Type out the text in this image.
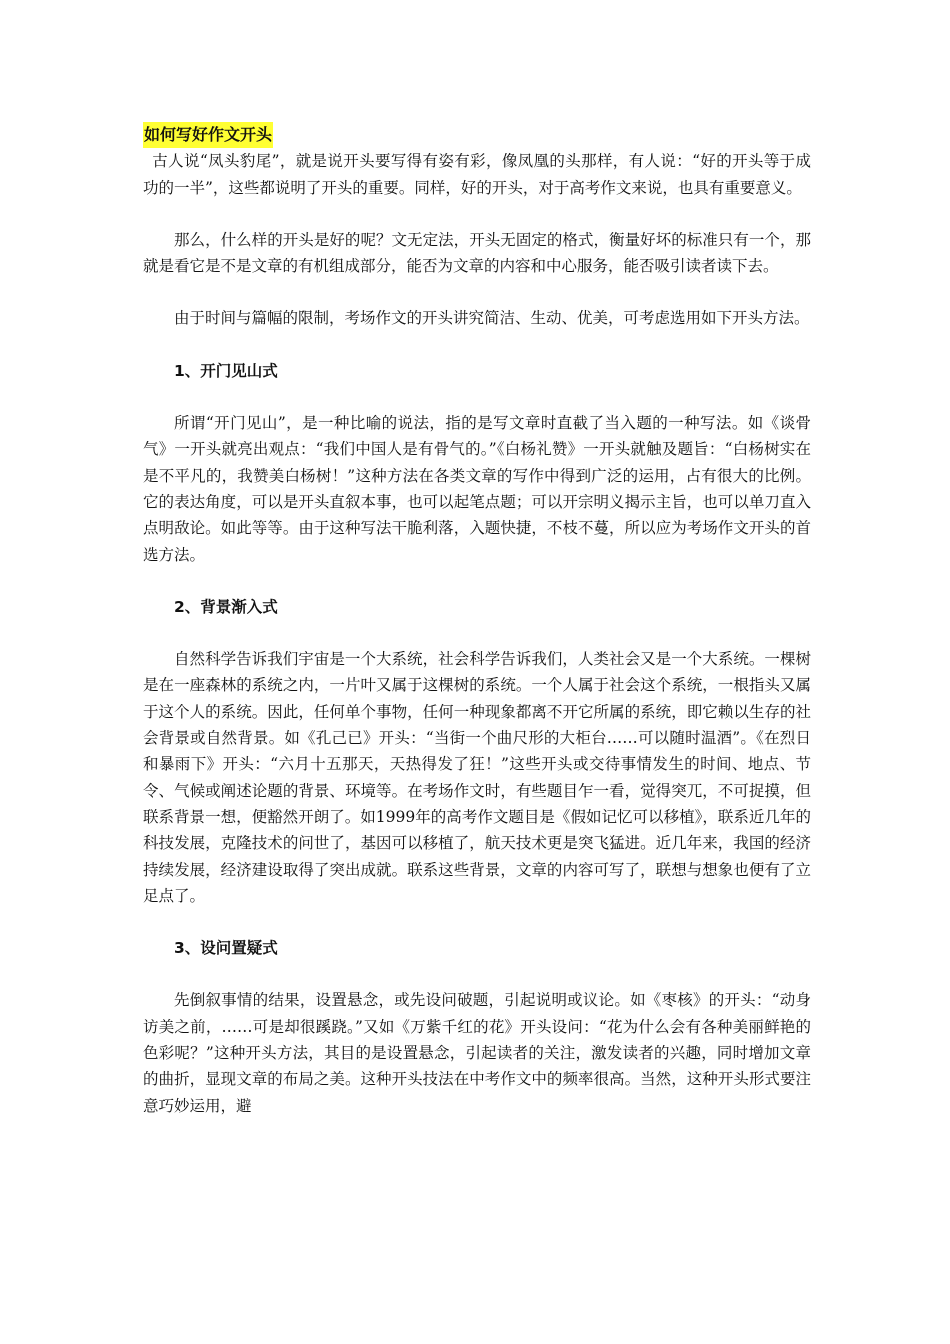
如何写好作文开头

古人说“凤头豹尾”，就是说开头要写得有姿有彩，像凤凰的头那样，有人说：“好的开头等于成功的一半”，这些都说明了开头的重要。同样，好的开头，对于高考作文来说，也具有重要意义。

那么，什么样的开头是好的呢？文无定法，开头无固定的格式，衡量好坏的标准只有一个，那就是看它是不是文章的有机组成部分，能否为文章的内容和中心服务，能否吸引读者读下去。

由于时间与篇幅的限制，考场作文的开头讲究简洁、生动、优美，可考虑选用如下开头方法。

1、开门见山式

所谓“开门见山”，是一种比喻的说法，指的是写文章时直截了当入题的一种写法。如《谈骨气》一开头就亮出观点：“我们中国人是有骨气的。”《白杨礼赞》一开头就触及题旨：“白杨树实在是不平凡的，我赞美白杨树！”这种方法在各类文章的写作中得到广泛的运用，占有很大的比例。它的表达角度，可以是开头直叙本事，也可以起笔点题；可以开宗明义揭示主旨，也可以单刀直入点明敌论。如此等等。由于这种写法干脆利落，入题快捷，不枝不蔓，所以应为考场作文开头的首选方法。

2、背景渐入式

自然科学告诉我们宇宙是一个大系统，社会科学告诉我们，人类社会又是一个大系统。一棵树是在一座森林的系统之内，一片叶又属于这棵树的系统。一个人属于社会这个系统，一根指头又属于这个人的系统。因此，任何单个事物，任何一种现象都离不开它所属的系统，即它赖以生存的社会背景或自然背景。如《孔己已》开头：“当街一个曲尺形的大柜台……可以随时温酒”。《在烈日和暴雨下》开头：“六月十五那天，天热得发了狂！”这些开头或交待事情发生的时间、地点、节令、气候或阐述论题的背景、环境等。在考场作文时，有些题目乍一看，觉得突兀，不可捉摸，但联系背景一想，便豁然开朗了。如1999年的高考作文题目是《假如记忆可以移植》，联系近几年的科技发展，克隆技术的问世了，基因可以移植了，航天技术更是突飞猛进。近几年来，我国的经济持续发展，经济建设取得了突出成就。联系这些背景，文章的内容可写了，联想与想象也便有了立足点了。

3、设问置疑式

先倒叙事情的结果，设置悬念，或先设问破题，引起说明或议论。如《枣核》的开头：“动身访美之前，……可是却很蹊跷。”又如《万紫千红的花》开头设问：“花为什么会有各种美丽鲜艳的色彩呢？”这种开头方法，其目的是设置悬念，引起读者的关注，激发读者的兴趣，同时增加文章的曲折，显现文章的布局之美。这种开头技法在中考作文中的频率很高。当然，这种开头形式要注意巧妙运用，避
